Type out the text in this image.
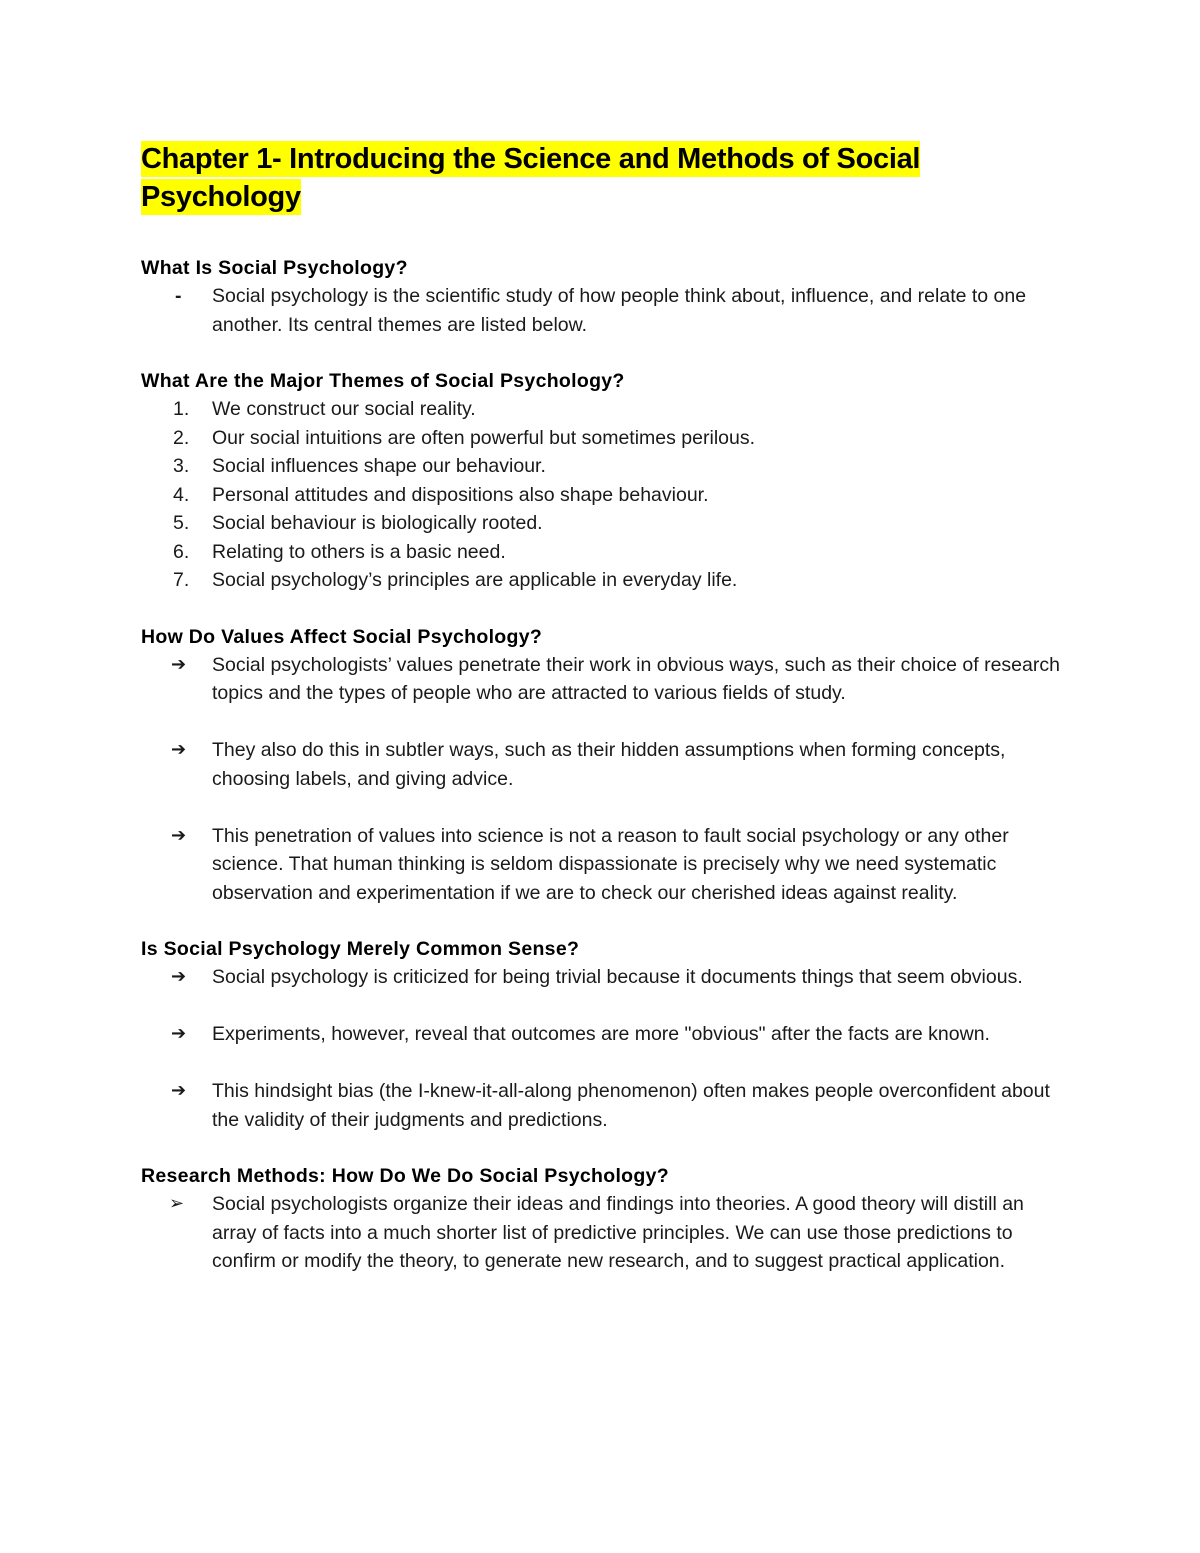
Chapter 1- Introducing the Science and Methods of Social Psychology

What Is Social Psychology?

-	Social psychology is the scientific study of how people think about, influence, and relate to one another. Its central themes are listed below.

What Are the Major Themes of Social Psychology?

1.	We construct our social reality.
2.	Our social intuitions are often powerful but sometimes perilous.
3.	Social influences shape our behaviour.
4.	Personal attitudes and dispositions also shape behaviour.
5.	Social behaviour is biologically rooted.
6.	Relating to others is a basic need.
7.	Social psychology’s principles are applicable in everyday life.

How Do Values Affect Social Psychology?

➔	Social psychologists’ values penetrate their work in obvious ways, such as their choice of research topics and the types of people who are attracted to various fields of study.
➔	They also do this in subtler ways, such as their hidden assumptions when forming concepts, choosing labels, and giving advice.
➔	This penetration of values into science is not a reason to fault social psychology or any other science. That human thinking is seldom dispassionate is precisely why we need systematic observation and experimentation if we are to check our cherished ideas against reality.

Is Social Psychology Merely Common Sense?

➔	Social psychology is criticized for being trivial because it documents things that seem obvious.
➔	Experiments, however, reveal that outcomes are more "obvious" after the facts are known.
➔	This hindsight bias (the I-knew-it-all-along phenomenon) often makes people overconfident about the validity of their judgments and predictions.

Research Methods: How Do We Do Social Psychology?

➢	Social psychologists organize their ideas and findings into theories. A good theory will distill an array of facts into a much shorter list of predictive principles. We can use those predictions to confirm or modify the theory, to generate new research, and to suggest practical application.
